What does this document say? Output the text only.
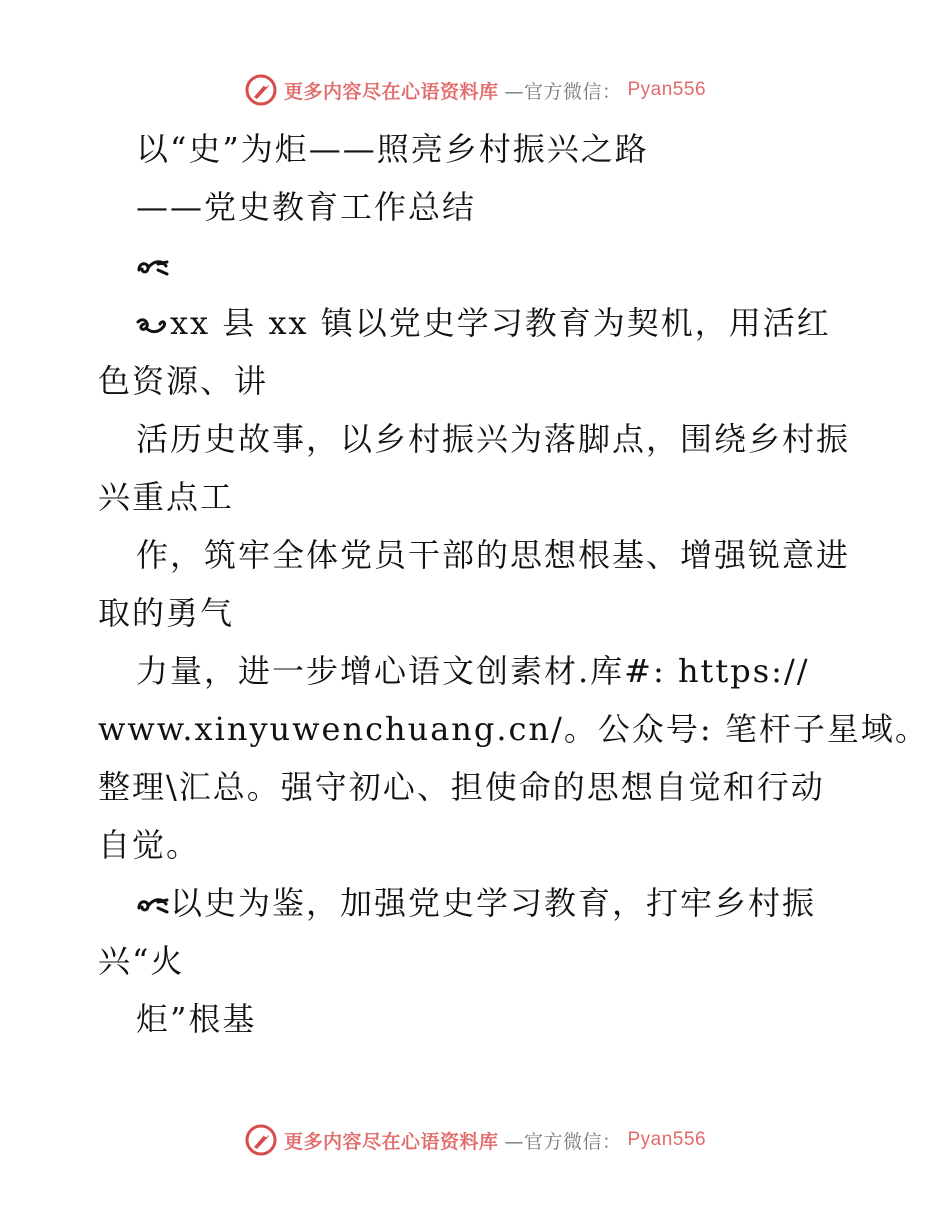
更多内容尽在心语资料库 —官方微信： Pyan556

以“史”为炬——照亮乡村振兴之路

——党史教育工作总结

xx 县 xx 镇以党史学习教育为契机，用活红

色资源、讲

活历史故事，以乡村振兴为落脚点，围绕乡村振

兴重点工

作，筑牢全体党员干部的思想根基、增强锐意进

取的勇气

力量，进一步增心语文创素材.库#: https://

www.xinyuwenchuang.cn/。公众号: 笔杆子星域。

整理\汇总。强守初心、担使命的思想自觉和行动

自觉。

以史为鉴，加强党史学习教育，打牢乡村振

兴“火

炬”根基

更多内容尽在心语资料库 —官方微信： Pyan556
